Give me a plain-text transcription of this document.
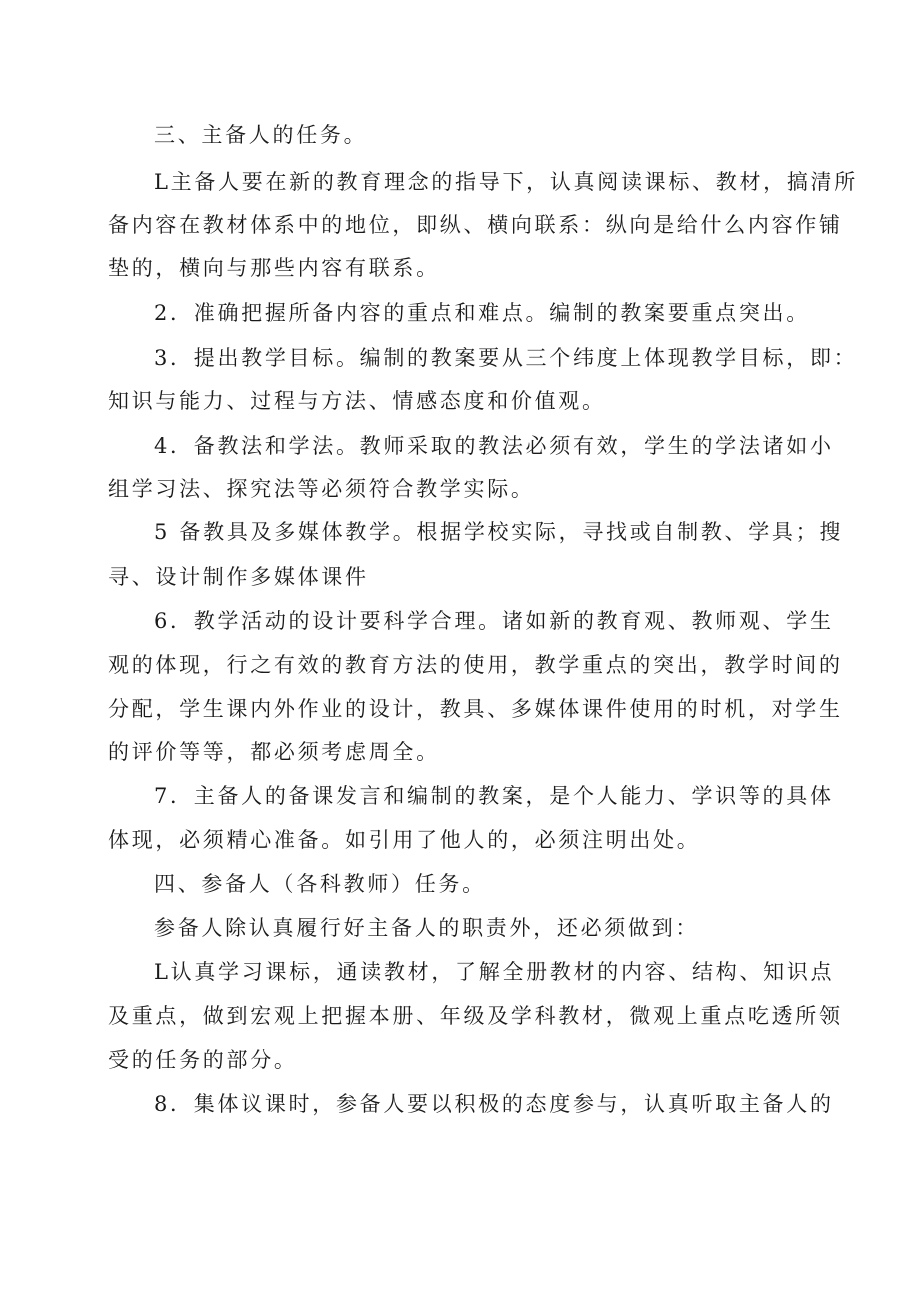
三、主备人的任务。
L主备人要在新的教育理念的指导下，认真阅读课标、教材，搞清所
备内容在教材体系中的地位，即纵、横向联系：纵向是给什么内容作铺
垫的，横向与那些内容有联系。
2．准确把握所备内容的重点和难点。编制的教案要重点突出。
3．提出教学目标。编制的教案要从三个纬度上体现教学目标，即：
知识与能力、过程与方法、情感态度和价值观。
4．备教法和学法。教师采取的教法必须有效，学生的学法诸如小
组学习法、探究法等必须符合教学实际。
5 备教具及多媒体教学。根据学校实际，寻找或自制教、学具；搜
寻、设计制作多媒体课件
6．教学活动的设计要科学合理。诸如新的教育观、教师观、学生
观的体现，行之有效的教育方法的使用，教学重点的突出，教学时间的
分配，学生课内外作业的设计，教具、多媒体课件使用的时机，对学生
的评价等等，都必须考虑周全。
7．主备人的备课发言和编制的教案，是个人能力、学识等的具体
体现，必须精心准备。如引用了他人的，必须注明出处。
四、参备人（各科教师）任务。
参备人除认真履行好主备人的职责外，还必须做到：
L认真学习课标，通读教材，了解全册教材的内容、结构、知识点
及重点，做到宏观上把握本册、年级及学科教材，微观上重点吃透所领
受的任务的部分。
8．集体议课时，参备人要以积极的态度参与，认真听取主备人的
